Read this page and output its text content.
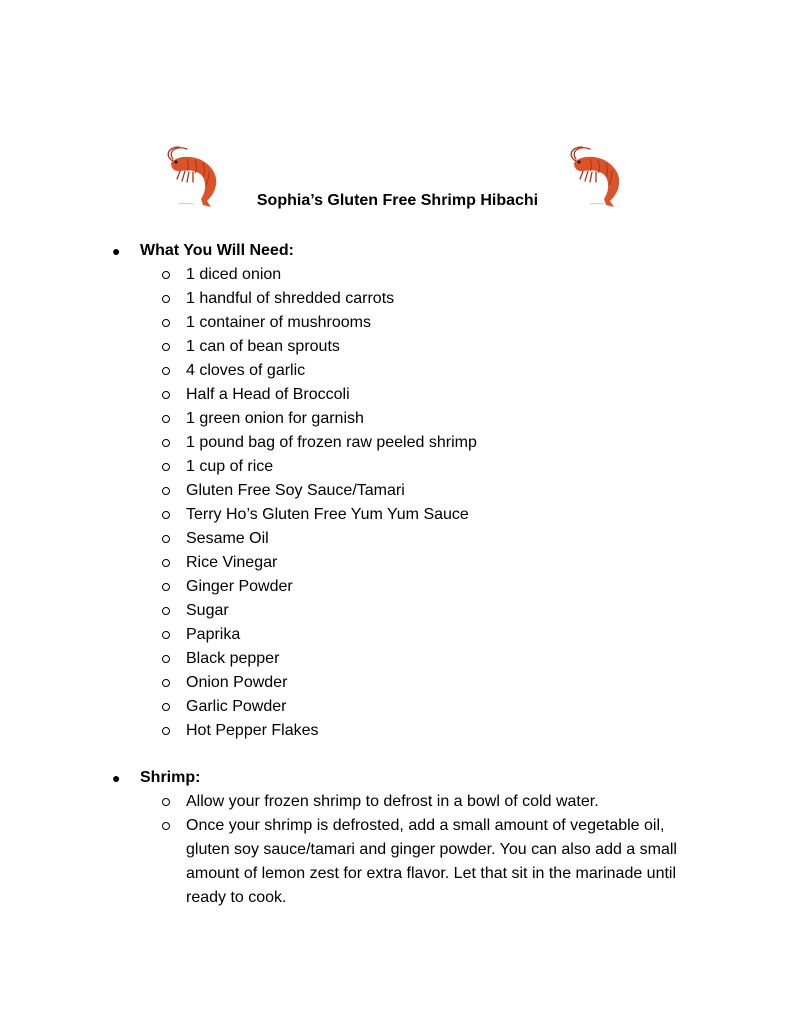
Sophia’s Gluten Free Shrimp Hibachi
● What You Will Need:
1 diced onion
1 handful of shredded carrots
1 container of mushrooms
1 can of bean sprouts
4 cloves of garlic
Half a Head of Broccoli
1 green onion for garnish
1 pound bag of frozen raw peeled shrimp
1 cup of rice
Gluten Free Soy Sauce/Tamari
Terry Ho’s Gluten Free Yum Yum Sauce
Sesame Oil
Rice Vinegar
Ginger Powder
Sugar
Paprika
Black pepper
Onion Powder
Garlic Powder
Hot Pepper Flakes
● Shrimp:
Allow your frozen shrimp to defrost in a bowl of cold water.
Once your shrimp is defrosted, add a small amount of vegetable oil, gluten soy sauce/tamari and ginger powder. You can also add a small amount of lemon zest for extra flavor. Let that sit in the marinade until ready to cook.
